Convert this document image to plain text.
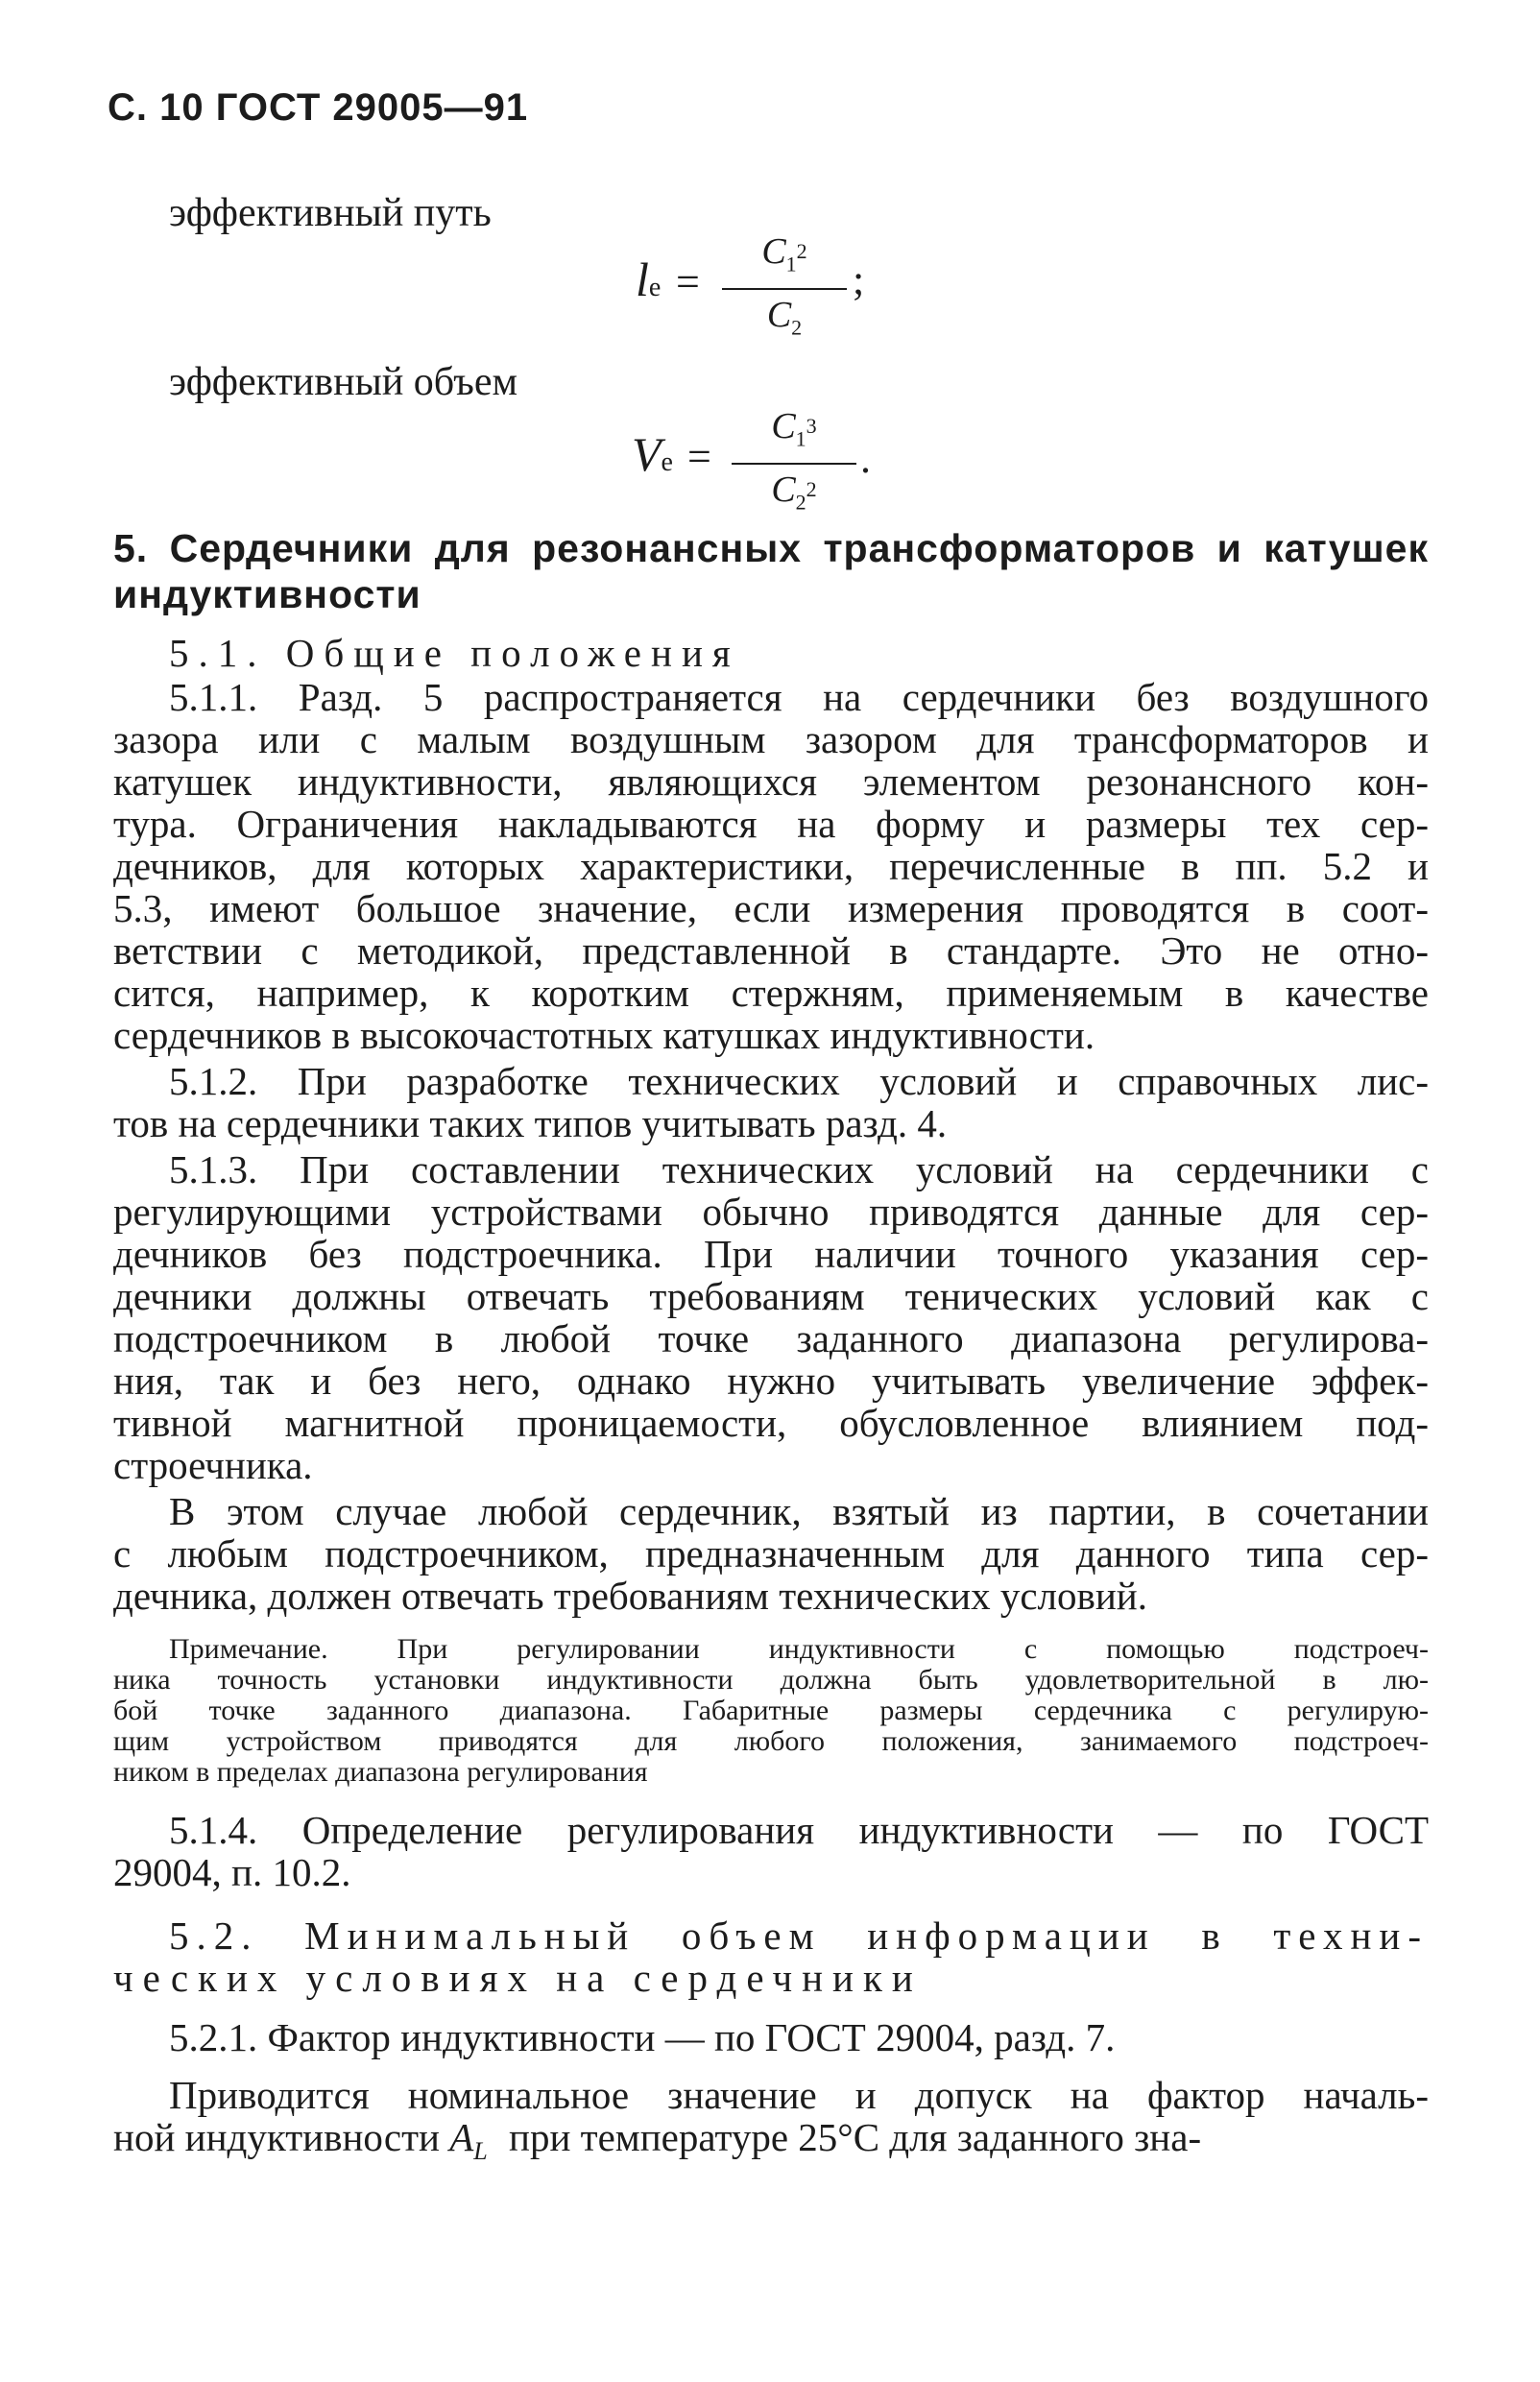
С. 10 ГОСТ 29005—91
эффективный путь
le =
$C_1^2$
$C_2$
;
эффективный объем
Ve =
$C_1^3$
$C_2^2$
.
5. Сердечники для резонансных трансформаторов и катушек
индуктивности
5.1. Общие положения
5.1.1. Разд. 5 распространяется на сердечники без воздушного
зазора или с малым воздушным зазором для трансформаторов и
катушек индуктивности, являющихся элементом резонансного кон-
тура. Ограничения накладываются на форму и размеры тех сер-
дечников, для которых характеристики, перечисленные в пп. 5.2 и
5.3, имеют большое значение, если измерения проводятся в соот-
ветствии с методикой, представленной в стандарте. Это не отно-
сится, например, к коротким стержням, применяемым в качестве
сердечников в высокочастотных катушках индуктивности.
5.1.2. При разработке технических условий и справочных лис-
тов на сердечники таких типов учитывать разд. 4.
5.1.3. При составлении технических условий на сердечники с
регулирующими устройствами обычно приводятся данные для сер-
дечников без подстроечника. При наличии точного указания сер-
дечники должны отвечать требованиям тенических условий как с
подстроечником в любой точке заданного диапазона регулирова-
ния, так и без него, однако нужно учитывать увеличение эффек-
тивной магнитной проницаемости, обусловленное влиянием под-
строечника.
В этом случае любой сердечник, взятый из партии, в сочетании
с любым подстроечником, предназначенным для данного типа сер-
дечника, должен отвечать требованиям технических условий.
Примечание. При регулировании индуктивности с помощью подстроеч-
ника точность установки индуктивности должна быть удовлетворительной в лю-
бой точке заданного диапазона. Габаритные размеры сердечника с регулирую-
щим устройством приводятся для любого положения, занимаемого подстроеч-
ником в пределах диапазона регулирования
5.1.4. Определение регулирования индуктивности — по ГОСТ
29004, п. 10.2.
5.2. Минимальный объем информации в техни-
ческих условиях на сердечники
5.2.1. Фактор индуктивности — по ГОСТ 29004, разд. 7.
Приводится номинальное значение и допуск на фактор началь-
ной индуктивности $A_L$ при температуре 25°С для заданного зна-
